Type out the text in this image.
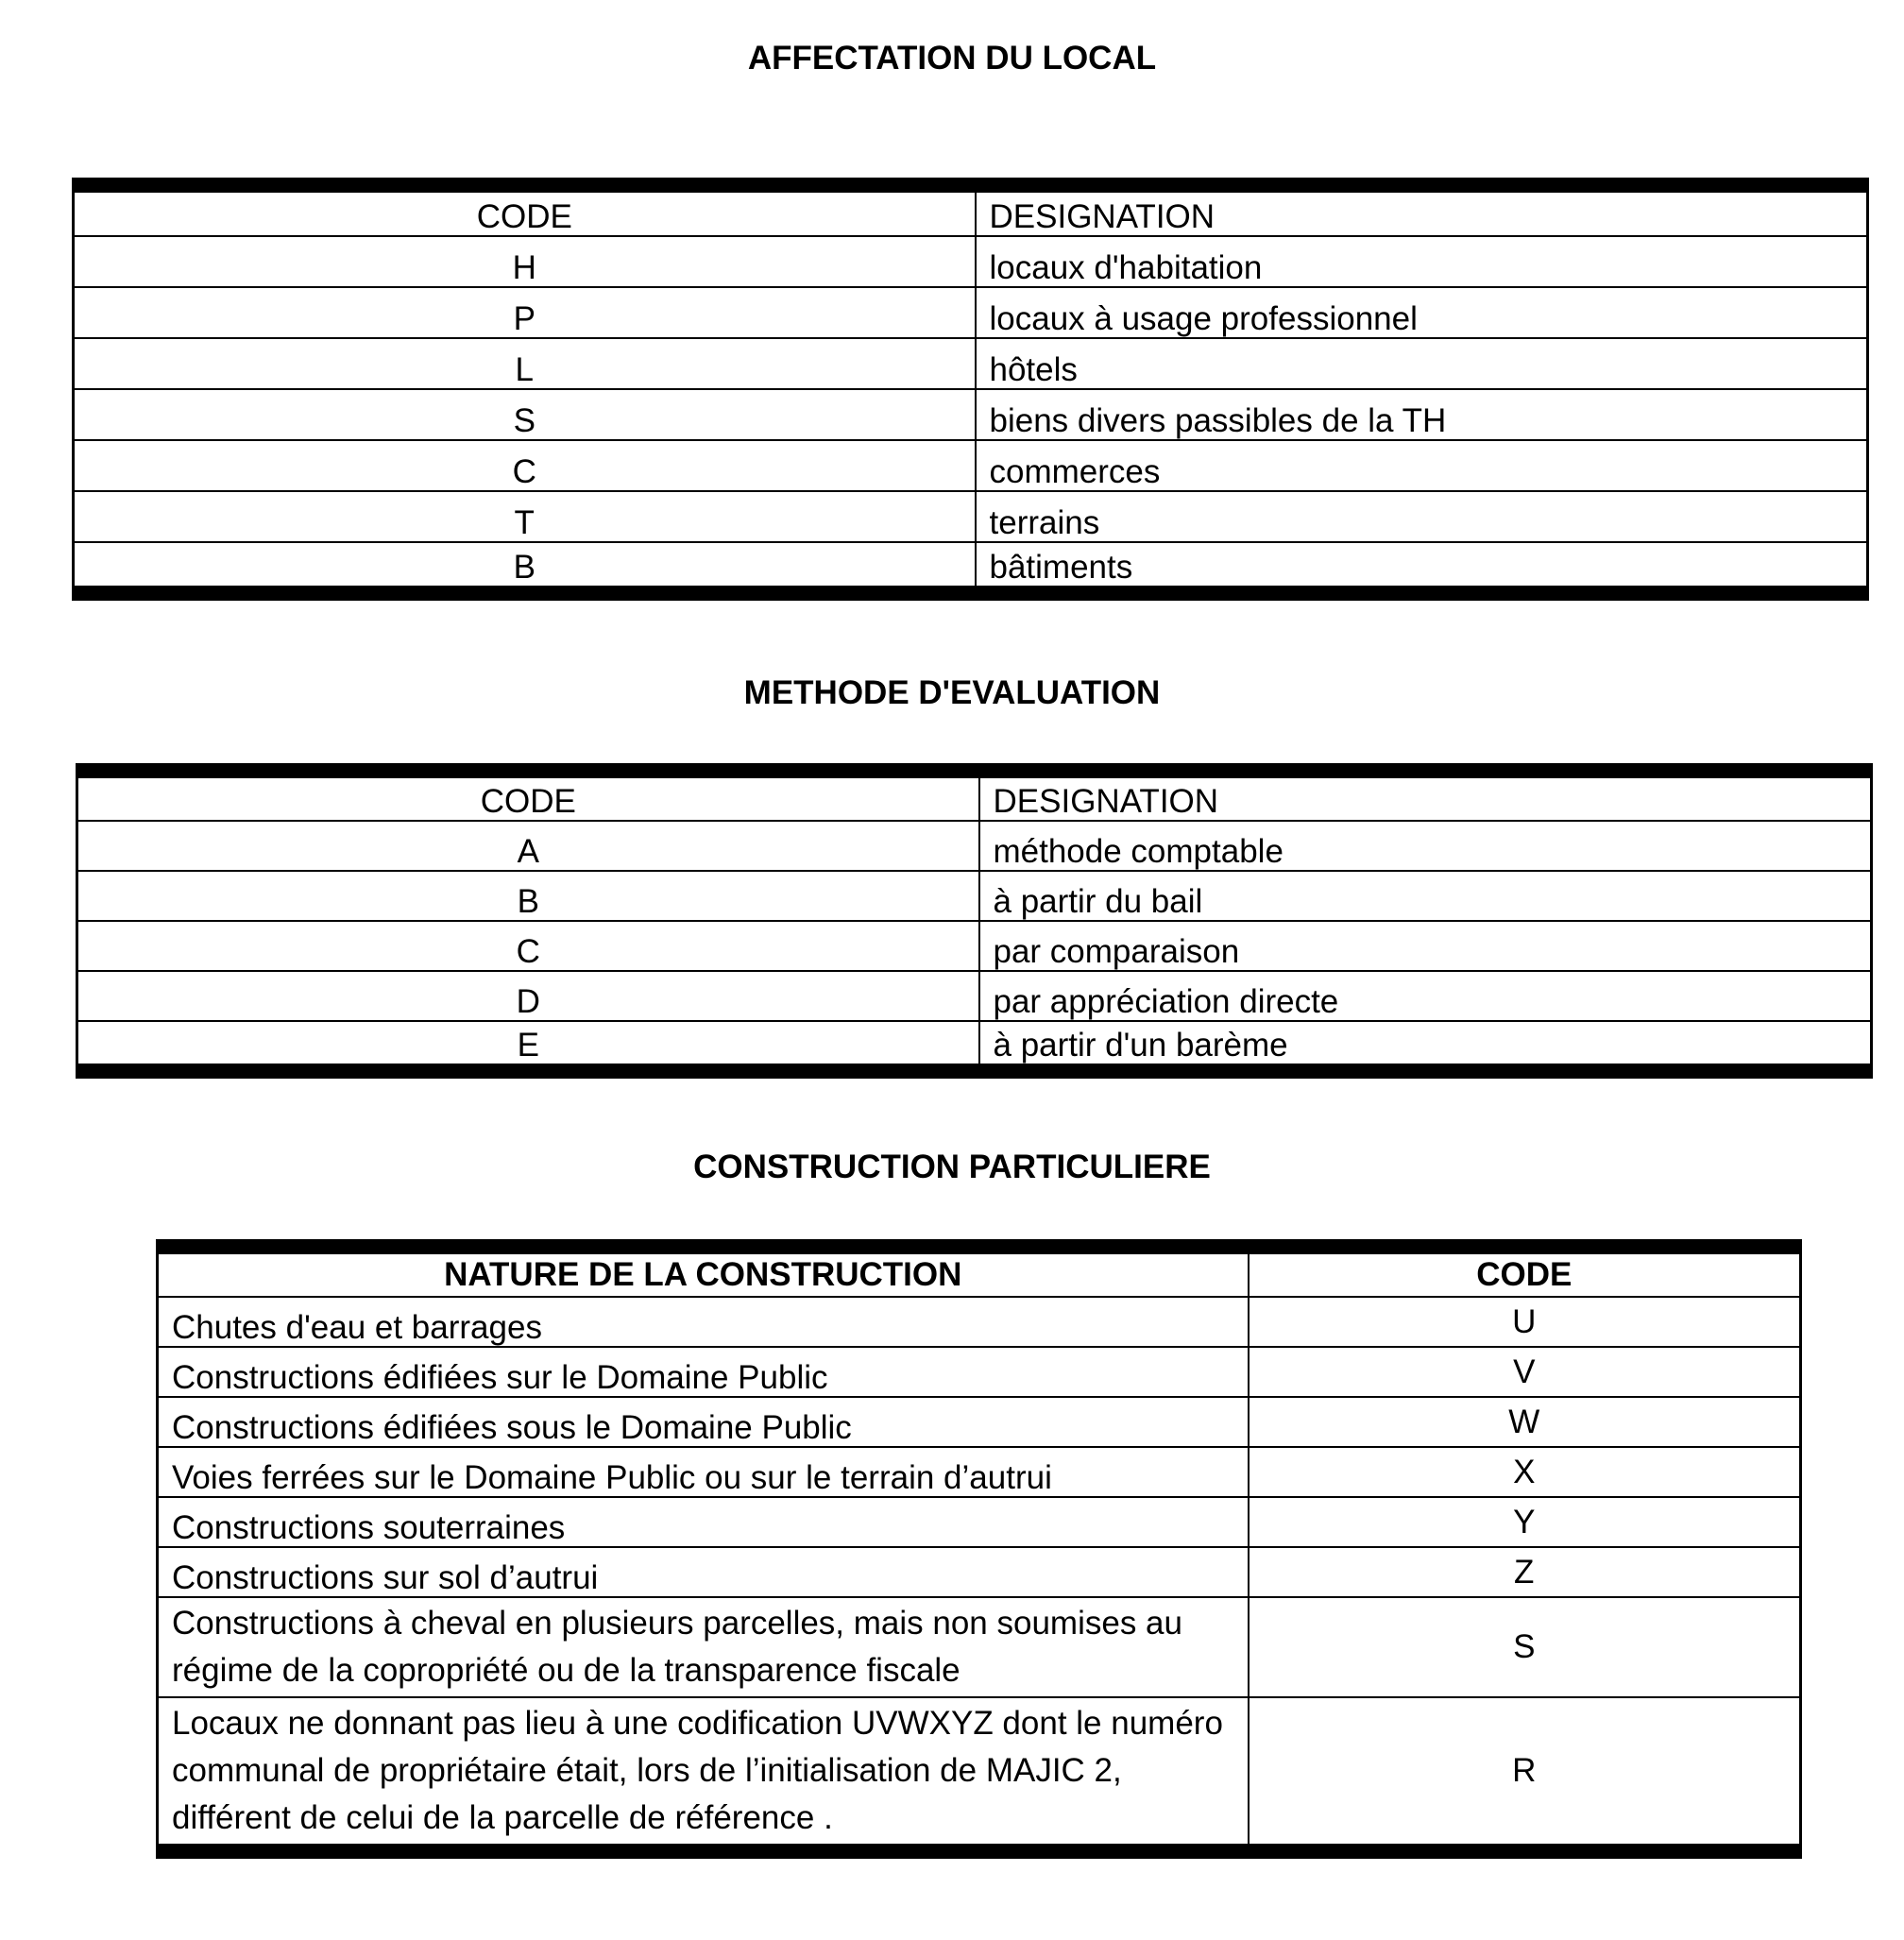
AFFECTATION DU LOCAL
CODE	DESIGNATION
H	locaux d'habitation
P	locaux à usage professionnel
L	hôtels
S	biens divers passibles de la TH
C	commerces
T	terrains
B	bâtiments
METHODE D'EVALUATION
CODE	DESIGNATION
A	méthode comptable
B	à partir du bail
C	par comparaison
D	par appréciation directe
E	à partir d'un barème
CONSTRUCTION PARTICULIERE
NATURE DE LA CONSTRUCTION	CODE
Chutes d'eau et barrages	U
Constructions édifiées sur le Domaine Public	V
Constructions édifiées sous le Domaine Public	W
Voies ferrées sur le Domaine Public ou sur le terrain d’autrui	X
Constructions souterraines	Y
Constructions sur sol d’autrui	Z
Constructions à cheval en plusieurs parcelles, mais non soumises au régime de la copropriété ou de la transparence fiscale	S
Locaux ne donnant pas lieu à une codification UVWXYZ dont le numéro communal de propriétaire était, lors de l’initialisation de MAJIC 2, différent de celui de la parcelle de référence .	R
